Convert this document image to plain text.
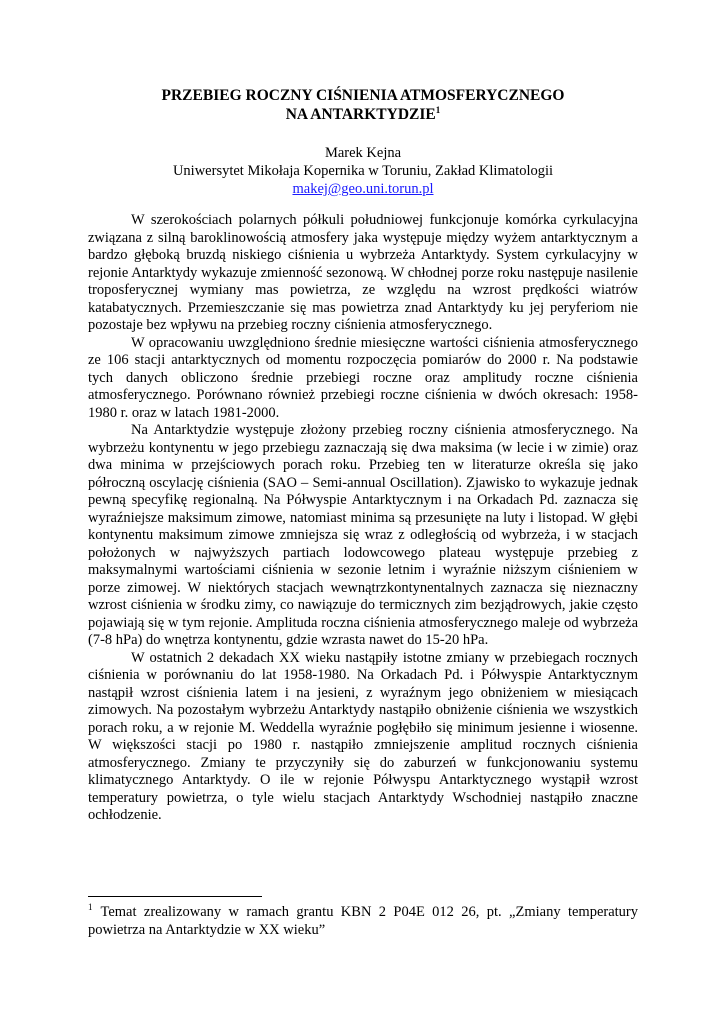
PRZEBIEG ROCZNY CIŚNIENIA ATMOSFERYCZNEGO
NA ANTARKTYDZIE$^1$
Marek Kejna
Uniwersytet Mikołaja Kopernika w Toruniu, Zakład Klimatologii
makej@geo.uni.torun.pl

W szerokościach polarnych półkuli południowej funkcjonuje komórka cyrkulacyjna związana z silną baroklinowością atmosfery jaka występuje między wyżem antarktycznym a bardzo głęboką bruzdą niskiego ciśnienia u wybrzeża Antarktydy. System cyrkulacyjny w rejonie Antarktydy wykazuje zmienność sezonową. W chłodnej porze roku następuje nasilenie troposferycznej wymiany mas powietrza, ze względu na wzrost prędkości wiatrów katabatycznych. Przemieszczanie się mas powietrza znad Antarktydy ku jej peryferiom nie pozostaje bez wpływu na przebieg roczny ciśnienia atmosferycznego.

W opracowaniu uwzględniono średnie miesięczne wartości ciśnienia atmosferycznego ze 106 stacji antarktycznych od momentu rozpoczęcia pomiarów do 2000 r. Na podstawie tych danych obliczono średnie przebiegi roczne oraz amplitudy roczne ciśnienia atmosferycznego. Porównano również przebiegi roczne ciśnienia w dwóch okresach: 1958-1980 r. oraz w latach 1981-2000.

Na Antarktydzie występuje złożony przebieg roczny ciśnienia atmosferycznego. Na wybrzeżu kontynentu w jego przebiegu zaznaczają się dwa maksima (w lecie i w zimie) oraz dwa minima w przejściowych porach roku. Przebieg ten w literaturze określa się jako półroczną oscylację ciśnienia (SAO – Semi-annual Oscillation). Zjawisko to wykazuje jednak pewną specyfikę regionalną. Na Półwyspie Antarktycznym i na Orkadach Pd. zaznacza się wyraźniejsze maksimum zimowe, natomiast minima są przesunięte na luty i listopad. W głębi kontynentu maksimum zimowe zmniejsza się wraz z odległością od wybrzeża, i w stacjach położonych w najwyższych partiach lodowcowego plateau występuje przebieg z maksymalnymi wartościami ciśnienia w sezonie letnim i wyraźnie niższym ciśnieniem w porze zimowej. W niektórych stacjach wewnątrzkontynentalnych zaznacza się nieznaczny wzrost ciśnienia w środku zimy, co nawiązuje do termicznych zim bezjądrowych, jakie często pojawiają się w tym rejonie. Amplituda roczna ciśnienia atmosferycznego maleje od wybrzeża (7-8 hPa) do wnętrza kontynentu, gdzie wzrasta nawet do 15-20 hPa.

W ostatnich 2 dekadach XX wieku nastąpiły istotne zmiany w przebiegach rocznych ciśnienia w porównaniu do lat 1958-1980. Na Orkadach Pd. i Półwyspie Antarktycznym nastąpił wzrost ciśnienia latem i na jesieni, z wyraźnym jego obniżeniem w miesiącach zimowych. Na pozostałym wybrzeżu Antarktydy nastąpiło obniżenie ciśnienia we wszystkich porach roku, a w rejonie M. Weddella wyraźnie pogłębiło się minimum jesienne i wiosenne. W większości stacji po 1980 r. nastąpiło zmniejszenie amplitud rocznych ciśnienia atmosferycznego. Zmiany te przyczyniły się do zaburzeń w funkcjonowaniu systemu klimatycznego Antarktydy. O ile w rejonie Półwyspu Antarktycznego wystąpił wzrost temperatury powietrza, o tyle wielu stacjach Antarktydy Wschodniej nastąpiło znaczne ochłodzenie.

$^1$ Temat zrealizowany w ramach grantu KBN 2 P04E 012 26, pt. „Zmiany temperatury powietrza na Antarktydzie w XX wieku”
